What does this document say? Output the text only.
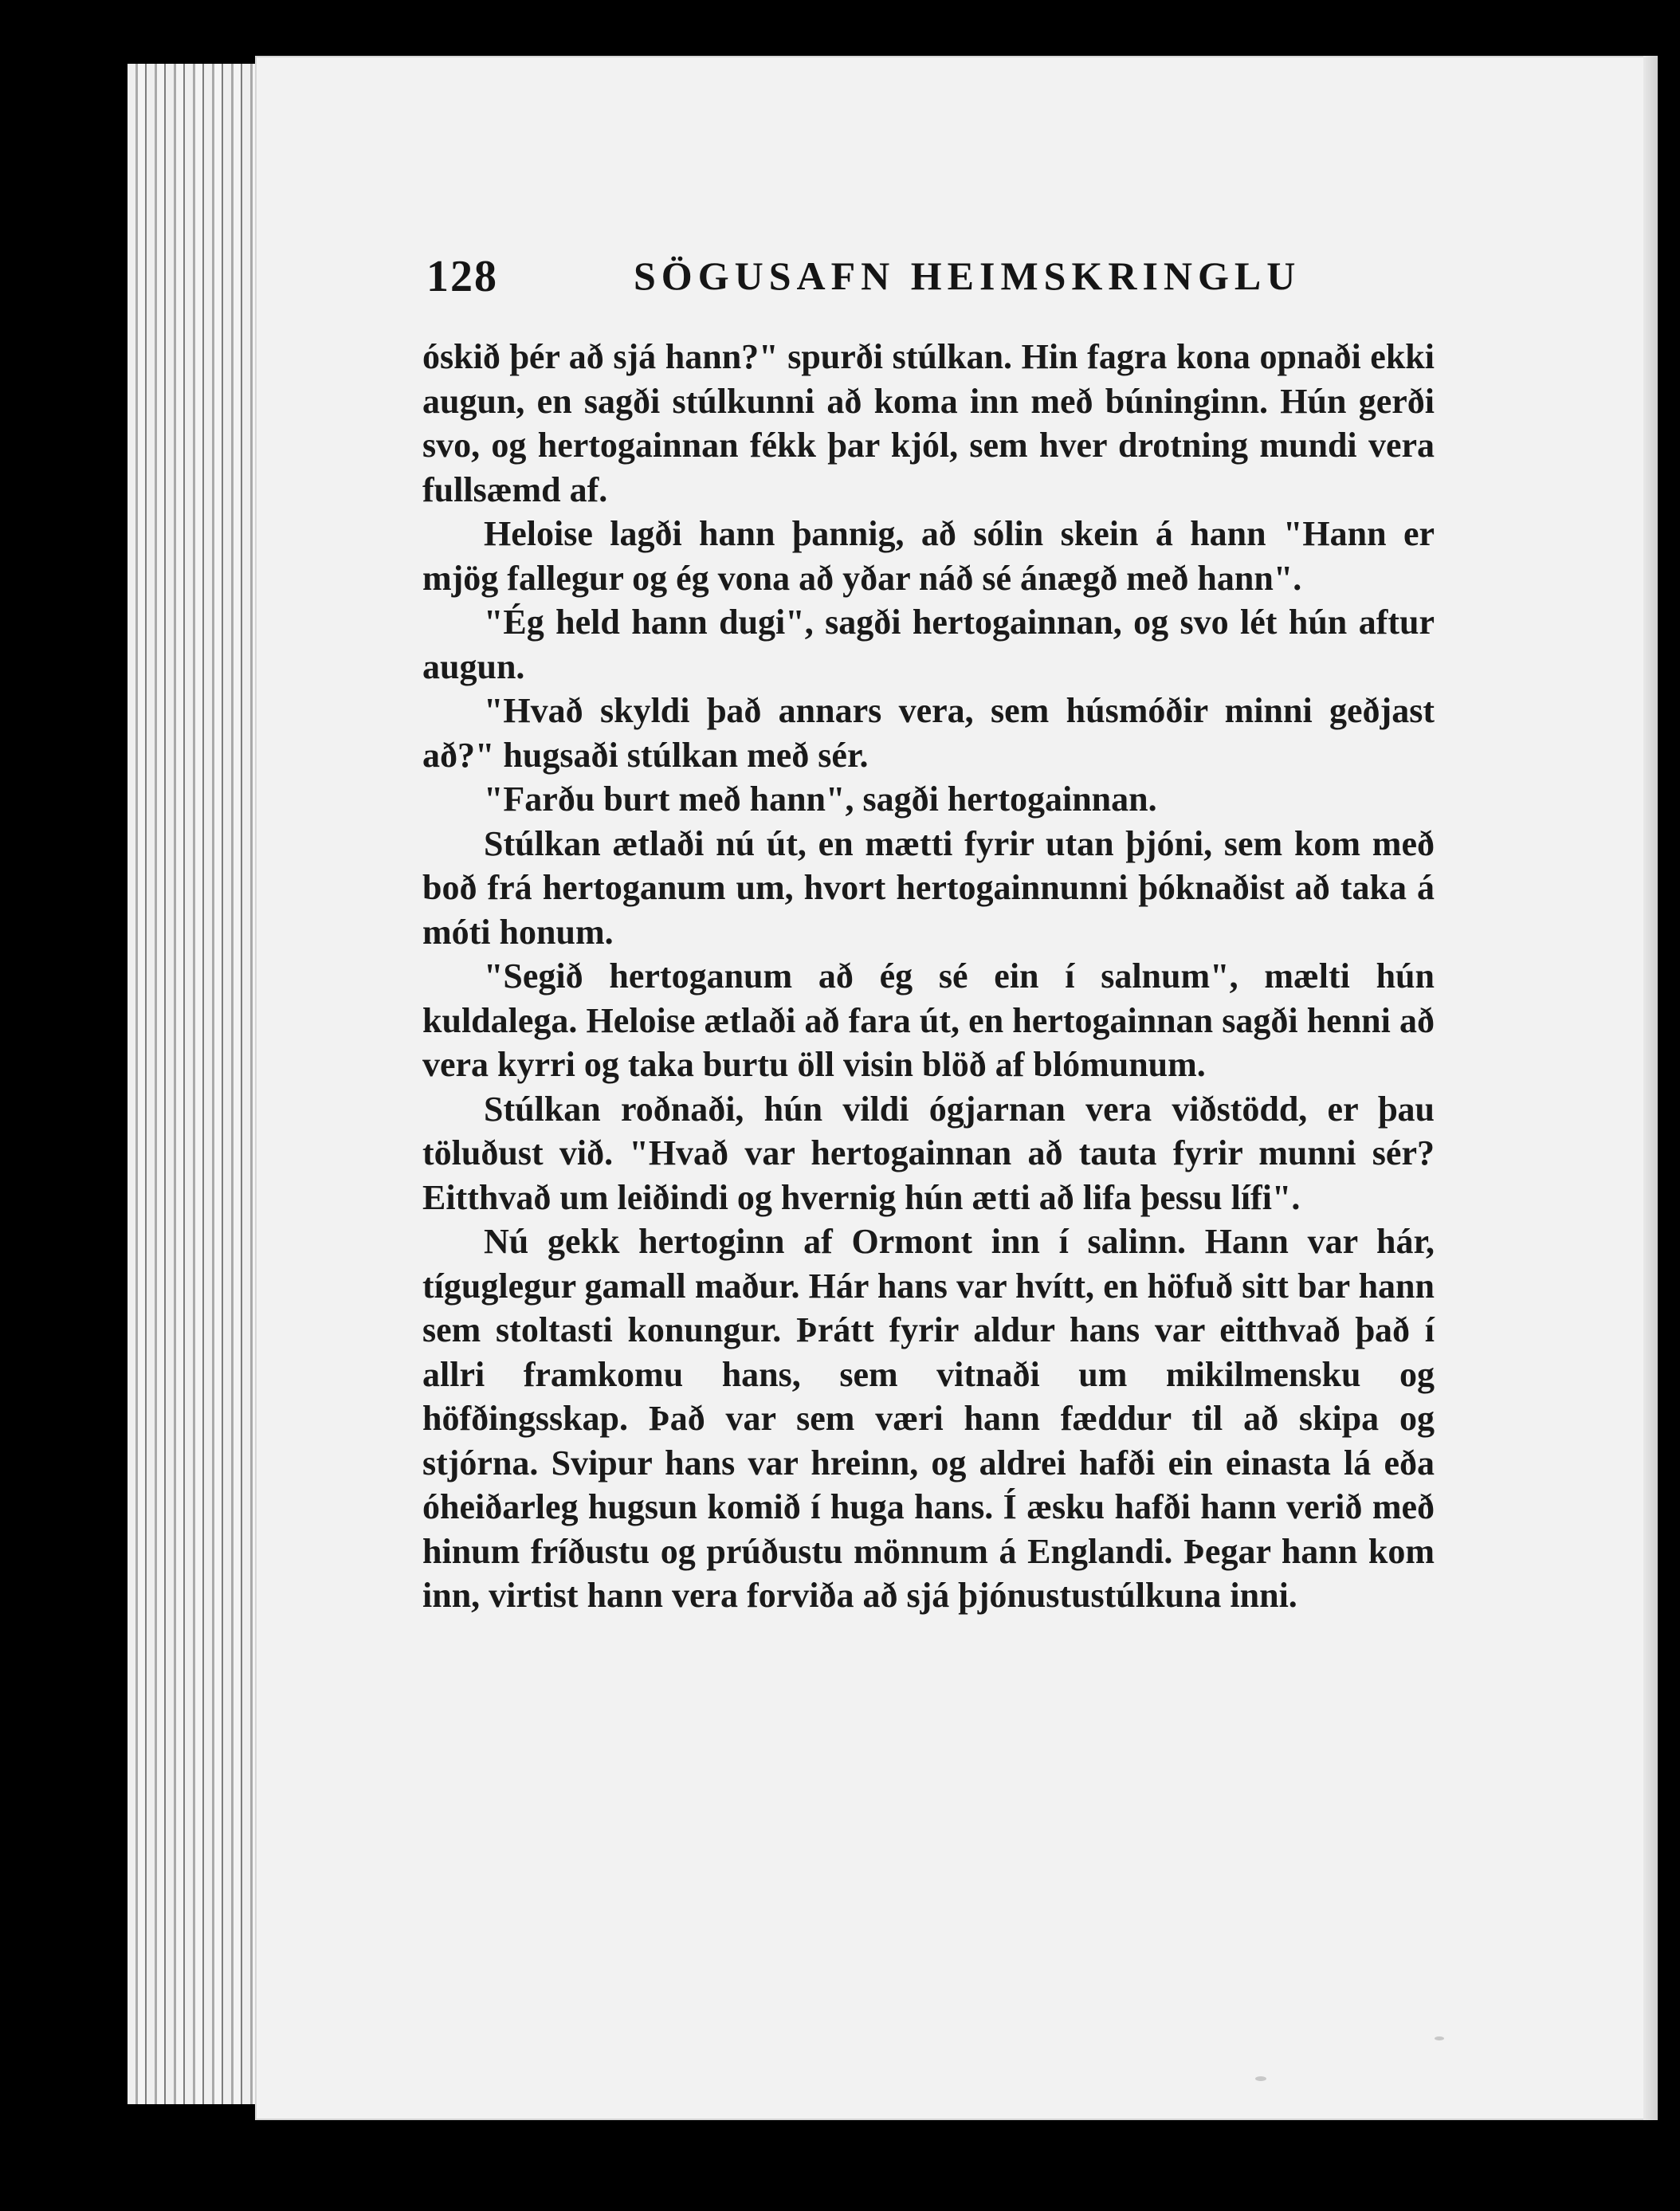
128	SÖGUSAFN HEIMSKRINGLU

óskið þér að sjá hann?" spurði stúlkan. Hin fagra kona opnaði ekki augun, en sagði stúlkunni að koma inn með búninginn. Hún gerði svo, og hertogainnan fékk þar kjól, sem hver drotning mundi vera fullsæmd af.

Heloise lagði hann þannig, að sólin skein á hann "Hann er mjög fallegur og ég vona að yðar náð sé ánægð með hann".

"Ég held hann dugi", sagði hertogainnan, og svo lét hún aftur augun.

"Hvað skyldi það annars vera, sem húsmóðir minni geðjast að?" hugsaði stúlkan með sér.

"Farðu burt með hann", sagði hertogainnan.

Stúlkan ætlaði nú út, en mætti fyrir utan þjóni, sem kom með boð frá hertoganum um, hvort hertogainnunni þóknaðist að taka á móti honum.

"Segið hertoganum að ég sé ein í salnum", mælti hún kuldalega. Heloise ætlaði að fara út, en hertogainnan sagði henni að vera kyrri og taka burtu öll visin blöð af blómunum.

Stúlkan roðnaði, hún vildi ógjarnan vera viðstödd, er þau töluðust við. "Hvað var hertogainnan að tauta fyrir munni sér? Eitthvað um leiðindi og hvernig hún ætti að lifa þessu lífi".

Nú gekk hertoginn af Ormont inn í salinn. Hann var hár, tíguglegur gamall maður. Hár hans var hvítt, en höfuð sitt bar hann sem stoltasti konungur. Þrátt fyrir aldur hans var eitthvað það í allri framkomu hans, sem vitnaði um mikilmensku og höfðingsskap. Það var sem væri hann fæddur til að skipa og stjórna. Svipur hans var hreinn, og aldrei hafði ein einasta lá eða óheiðarleg hugsun komið í huga hans. Í æsku hafði hann verið með hinum fríðustu og prúðustu mönnum á Englandi. Þegar hann kom inn, virtist hann vera forviða að sjá þjónustustúlkuna inni.
